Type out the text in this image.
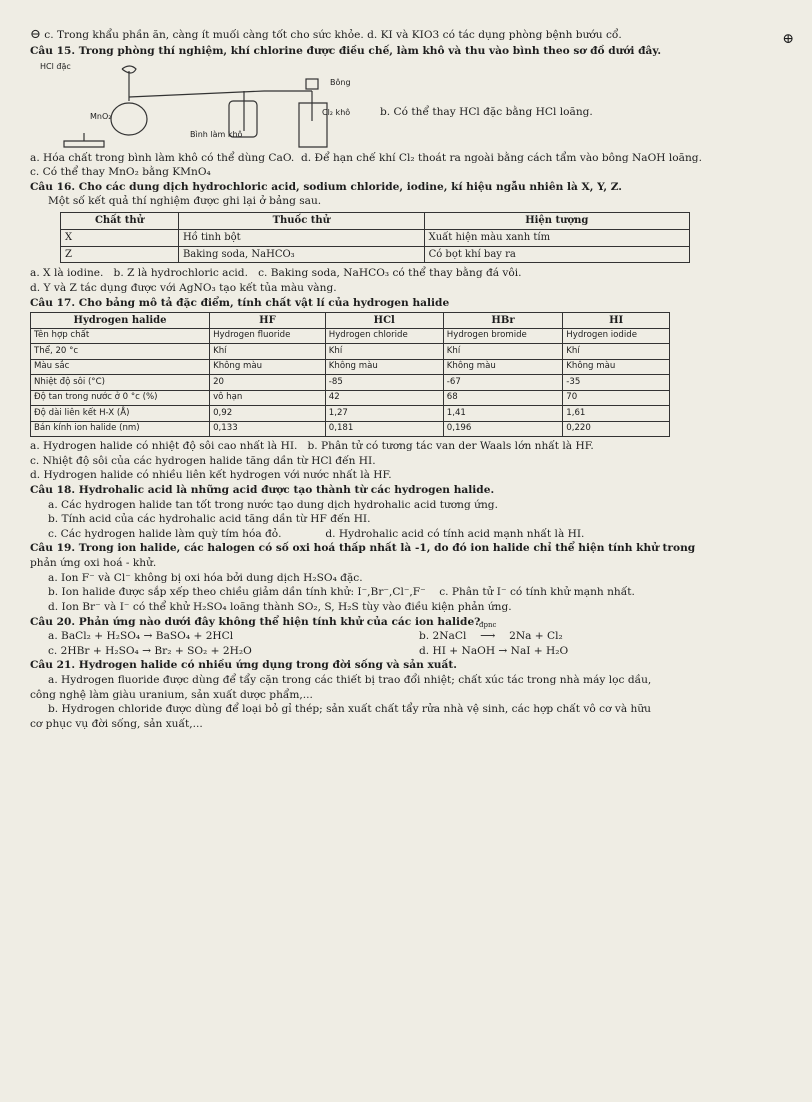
⊕
⊖ c. Trong khẩu phần ăn, càng ít muối càng tốt cho sức khỏe. d. KI và KIO3 có tác dụng phòng bệnh bướu cổ.
Câu 15. Trong phòng thí nghiệm, khí chlorine được điều chế, làm khô và thu vào bình theo sơ đồ dưới đây.
HCl đặc
MnO₂
Bông
Cl₂ khô
Bình làm khô
b. Có thể thay HCl đặc bằng HCl loãng.
a. Hóa chất trong bình làm khô có thể dùng CaO. d. Để hạn chế khí Cl₂ thoát ra ngoài bằng cách tẩm vào bông NaOH loãng.
c. Có thể thay MnO₂ bằng KMnO₄
Câu 16. Cho các dung dịch hydrochloric acid, sodium chloride, iodine, kí hiệu ngẫu nhiên là X, Y, Z.
Một số kết quả thí nghiệm được ghi lại ở bảng sau.
Chất thử	Thuốc thử	Hiện tượng
X	Hồ tinh bột	Xuất hiện màu xanh tím
Z	Baking soda, NaHCO₃	Có bọt khí bay ra
a. X là iodine. b. Z là hydrochloric acid. c. Baking soda, NaHCO₃ có thể thay bằng đá vôi.
d. Y và Z tác dụng được với AgNO₃ tạo kết tủa màu vàng.
Câu 17. Cho bảng mô tả đặc điểm, tính chất vật lí của hydrogen halide
Hydrogen halide	HF	HCl	HBr	HI
Tên hợp chất	Hydrogen fluoride	Hydrogen chloride	Hydrogen bromide	Hydrogen iodide
Thể, 20 °c	Khí	Khí	Khí	Khí
Màu sắc	Không màu	Không màu	Không màu	Không màu
Nhiệt độ sôi (°C)	20	-85	-67	-35
Độ tan trong nước ở 0 °c (%)	vô hạn	42	68	70
Độ dài liên kết H-X (Å)	0,92	1,27	1,41	1,61
Bán kính ion halide (nm)	0,133	0,181	0,196	0,220
a. Hydrogen halide có nhiệt độ sôi cao nhất là HI. b. Phân tử có tương tác van der Waals lớn nhất là HF.
c. Nhiệt độ sôi của các hydrogen halide tăng dần từ HCl đến HI.
d. Hydrogen halide có nhiều liên kết hydrogen với nước nhất là HF.
Câu 18. Hydrohalic acid là những acid được tạo thành từ các hydrogen halide.
a. Các hydrogen halide tan tốt trong nước tạo dung dịch hydrohalic acid tương ứng.
b. Tính acid của các hydrohalic acid tăng dần từ HF đến HI.
c. Các hydrogen halide làm quỳ tím hóa đỏ.	d. Hydrohalic acid có tính acid mạnh nhất là HI.
Câu 19. Trong ion halide, các halogen có số oxi hoá thấp nhất là -1, do đó ion halide chỉ thể hiện tính khử trong
phản ứng oxi hoá - khử.
a. Ion F⁻ và Cl⁻ không bị oxi hóa bởi dung dịch H₂SO₄ đặc.
b. Ion halide được sắp xếp theo chiều giảm dần tính khử: I⁻,Br⁻,Cl⁻,F⁻ c. Phân tử I⁻ có tính khử mạnh nhất.
d. Ion Br⁻ và I⁻ có thể khử H₂SO₄ loãng thành SO₂, S, H₂S tùy vào điều kiện phản ứng.
Câu 20. Phản ứng nào dưới đây không thể hiện tính khử của các ion halide?
a. BaCl₂ + H₂SO₄ → BaSO₄ + 2HCl	b. 2NaCl
đpnc
⟶ 2Na + Cl₂
c. 2HBr + H₂SO₄ → Br₂ + SO₂ + 2H₂O	d. HI + NaOH → NaI + H₂O
Câu 21. Hydrogen halide có nhiều ứng dụng trong đời sống và sản xuất.
a. Hydrogen fluoride được dùng để tẩy cặn trong các thiết bị trao đổi nhiệt; chất xúc tác trong nhà máy lọc dầu,
công nghệ làm giàu uranium, sản xuất dược phẩm,...
b. Hydrogen chloride được dùng để loại bỏ gỉ thép; sản xuất chất tẩy rửa nhà vệ sinh, các hợp chất vô cơ và hữu
cơ phục vụ đời sống, sản xuất,...
